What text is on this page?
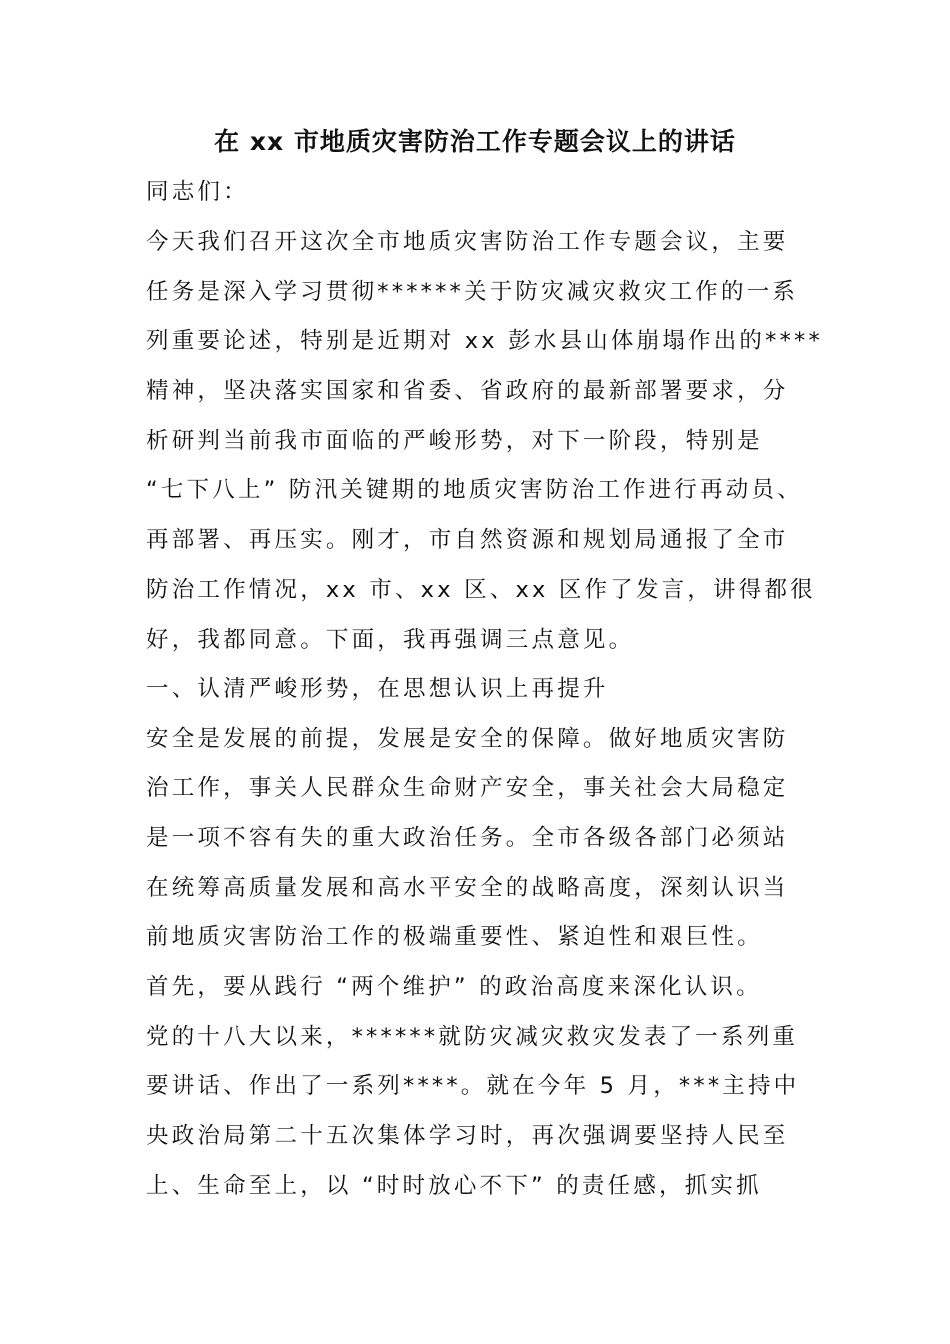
在 xx 市地质灾害防治工作专题会议上的讲话
同志们：
今天我们召开这次全市地质灾害防治工作专题会议，主要
任务是深入学习贯彻******关于防灾减灾救灾工作的一系
列重要论述，特别是近期对 xx 彭水县山体崩塌作出的****
精神，坚决落实国家和省委、省政府的最新部署要求，分
析研判当前我市面临的严峻形势，对下一阶段，特别是
“七下八上” 防汛关键期的地质灾害防治工作进行再动员、
再部署、再压实。刚才，市自然资源和规划局通报了全市
防治工作情况，xx 市、xx 区、xx 区作了发言，讲得都很
好，我都同意。下面，我再强调三点意见。
一、认清严峻形势，在思想认识上再提升
安全是发展的前提，发展是安全的保障。做好地质灾害防
治工作，事关人民群众生命财产安全，事关社会大局稳定
是一项不容有失的重大政治任务。全市各级各部门必须站
在统筹高质量发展和高水平安全的战略高度，深刻认识当
前地质灾害防治工作的极端重要性、紧迫性和艰巨性。
首先，要从践行 “两个维护” 的政治高度来深化认识。
党的十八大以来，******就防灾减灾救灾发表了一系列重
要讲话、作出了一系列****。就在今年 5 月，***主持中
央政治局第二十五次集体学习时，再次强调要坚持人民至
上、生命至上，以 “时时放心不下” 的责任感，抓实抓
